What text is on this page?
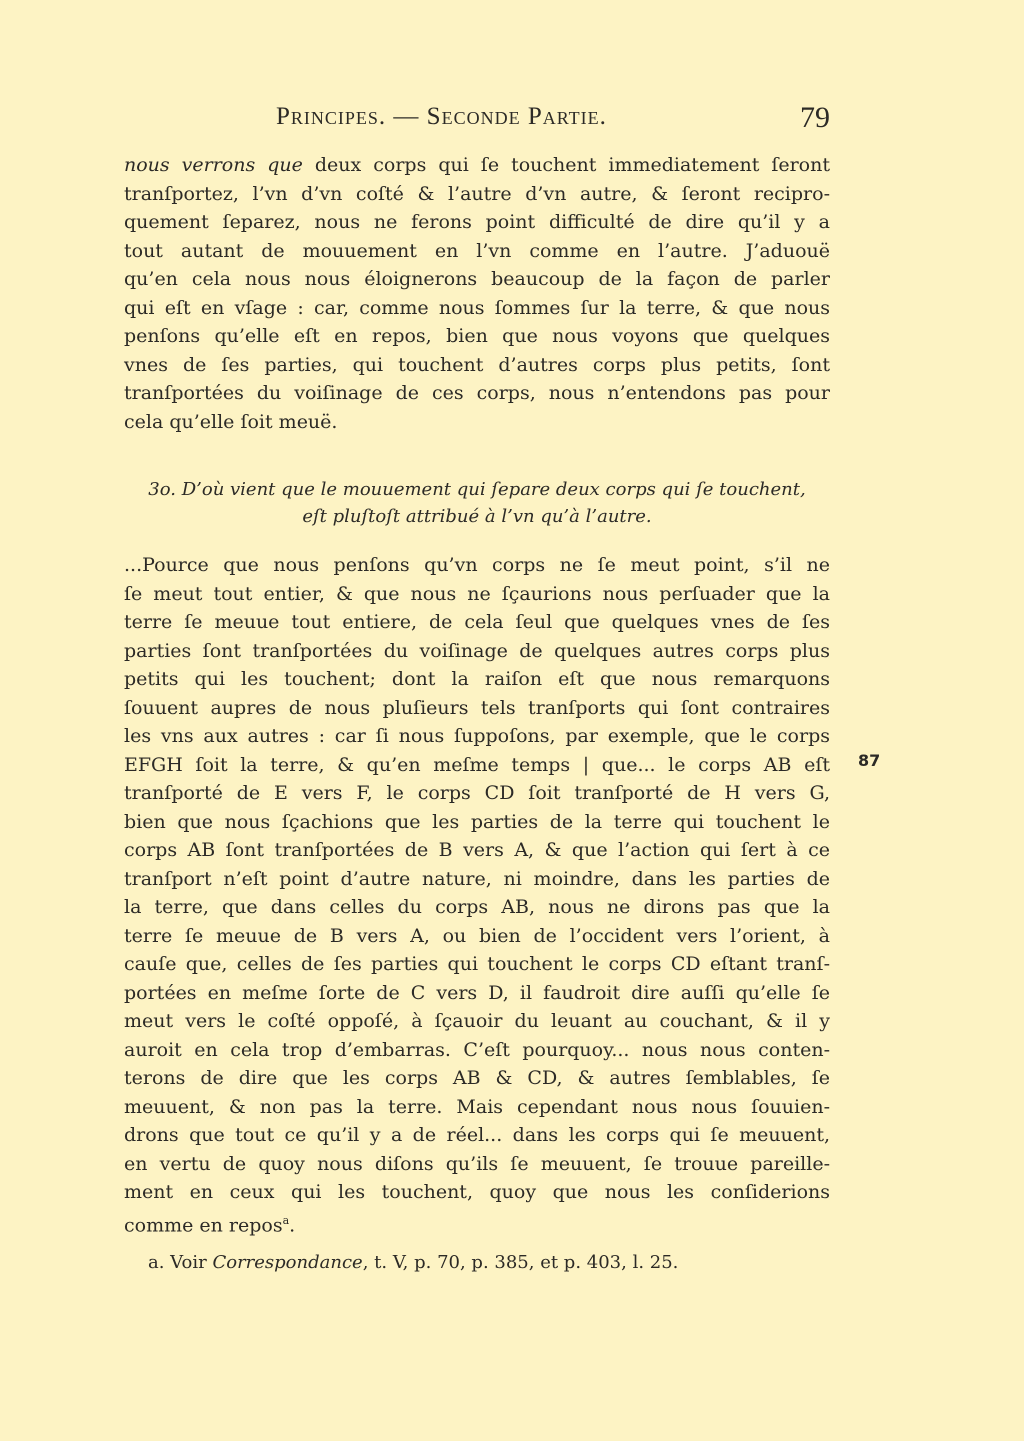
Principes. — Seconde Partie.	79
nous verrons que deux corps qui ſe touchent immediatement ſeront
tranſportez, l’vn d’vn coſté & l’autre d’vn autre, & ſeront recipro-
quement ſeparez, nous ne ferons point difficulté de dire qu’il y a
tout autant de mouuement en l’vn comme en l’autre. J’aduouë
qu’en cela nous nous éloignerons beaucoup de la façon de parler
qui eſt en vſage : car, comme nous ſommes ſur la terre, & que nous
penſons qu’elle eſt en repos, bien que nous voyons que quelques
vnes de ſes parties, qui touchent d’autres corps plus petits, ſont
tranſportées du voiſinage de ces corps, nous n’entendons pas pour
cela qu’elle ſoit meuë.
3o. D’où vient que le mouuement qui ſepare deux corps qui ſe touchent,
eſt pluſtoſt attribué à l’vn qu’à l’autre.
...Pource que nous penſons qu’vn corps ne ſe meut point, s’il ne
ſe meut tout entier, & que nous ne ſçaurions nous perſuader que la
terre ſe meuue tout entiere, de cela ſeul que quelques vnes de ſes
parties ſont tranſportées du voiſinage de quelques autres corps plus
petits qui les touchent; dont la raiſon eſt que nous remarquons
ſouuent aupres de nous pluſieurs tels tranſports qui ſont contraires
les vns aux autres : car ſi nous ſuppoſons, par exemple, que le corps
EFGH ſoit la terre, & qu’en meſme temps | que... le corps AB eſt
tranſporté de E vers F, le corps CD ſoit tranſporté de H vers G,
bien que nous ſçachions que les parties de la terre qui touchent le
corps AB ſont tranſportées de B vers A, & que l’action qui ſert à ce
tranſport n’eſt point d’autre nature, ni moindre, dans les parties de
la terre, que dans celles du corps AB, nous ne dirons pas que la
terre ſe meuue de B vers A, ou bien de l’occident vers l’orient, à
cauſe que, celles de ſes parties qui touchent le corps CD eſtant tranſ-
portées en meſme ſorte de C vers D, il faudroit dire auſſi qu’elle ſe
meut vers le coſté oppoſé, à ſçauoir du leuant au couchant, & il y
auroit en cela trop d’embarras. C’eſt pourquoy... nous nous conten-
terons de dire que les corps AB & CD, & autres ſemblables, ſe
meuuent, & non pas la terre. Mais cependant nous nous ſouuien-
drons que tout ce qu’il y a de réel... dans les corps qui ſe meuuent,
en vertu de quoy nous diſons qu’ils ſe meuuent, ſe trouue pareille-
ment en ceux qui les touchent, quoy que nous les conſiderions
comme en repos$^a$.
87
a. Voir Correspondance, t. V, p. 70, p. 385, et p. 403, l. 25.
